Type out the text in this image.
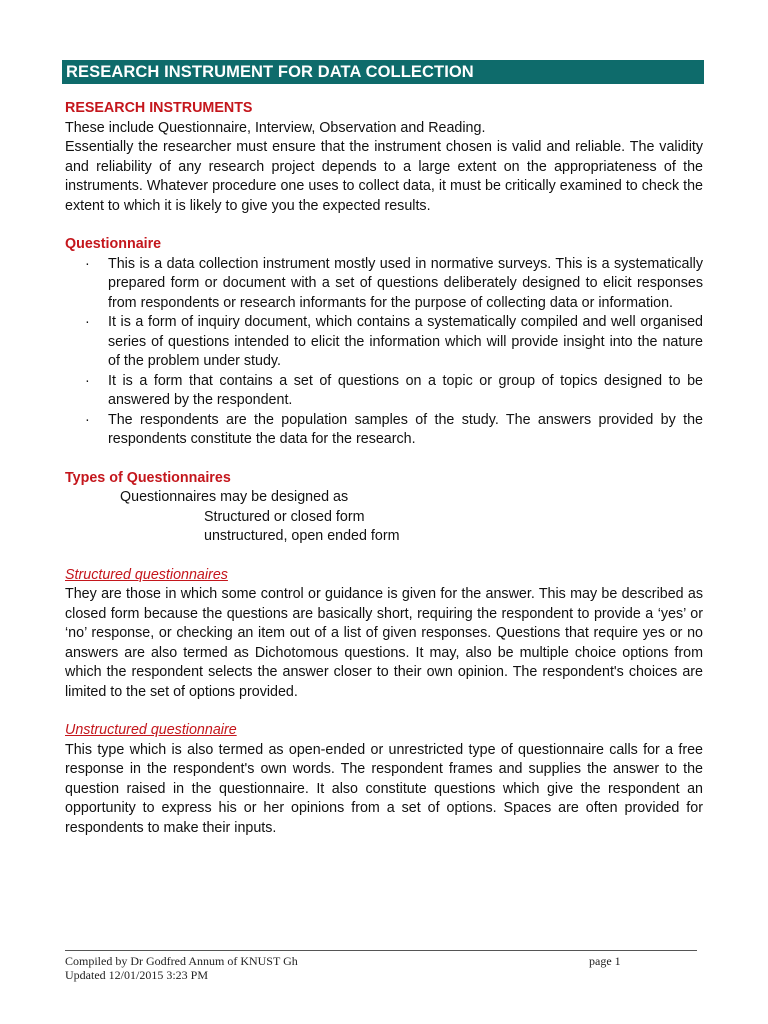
RESEARCH INSTRUMENT FOR DATA COLLECTION
RESEARCH INSTRUMENTS

These include Questionnaire, Interview, Observation and Reading.

Essentially the researcher must ensure that the instrument chosen is valid and reliable. The validity and reliability of any research project depends to a large extent on the appropriateness of the instruments. Whatever procedure one uses to collect data, it must be critically examined to check the extent to which it is likely to give you the expected results.

Questionnaire
· This is a data collection instrument mostly used in normative surveys. This is a systematically prepared form or document with a set of questions deliberately designed to elicit responses from respondents or research informants for the purpose of collecting data or information.
· It is a form of inquiry document, which contains a systematically compiled and well organised series of questions intended to elicit the information which will provide insight into the nature of the problem under study.
· It is a form that contains a set of questions on a topic or group of topics designed to be answered by the respondent.
· The respondents are the population samples of the study. The answers provided by the respondents constitute the data for the research.
Types of Questionnaires
Questionnaires may be designed as
Structured or closed form
unstructured, open ended form
Structured questionnaires

They are those in which some control or guidance is given for the answer. This may be described as closed form because the questions are basically short, requiring the respondent to provide a ‘yes’ or ‘no’ response, or checking an item out of a list of given responses. Questions that require yes or no answers are also termed as Dichotomous questions. It may, also be multiple choice options from which the respondent selects the answer closer to their own opinion. The respondent's choices are limited to the set of options provided.

Unstructured questionnaire

This type which is also termed as open-ended or unrestricted type of questionnaire calls for a free response in the respondent's own words. The respondent frames and supplies the answer to the question raised in the questionnaire. It also constitute questions which give the respondent an opportunity to express his or her opinions from a set of options. Spaces are often provided for respondents to make their inputs.

Compiled by Dr Godfred Annum of KNUST Gh	page 1
Updated 12/01/2015 3:23 PM
